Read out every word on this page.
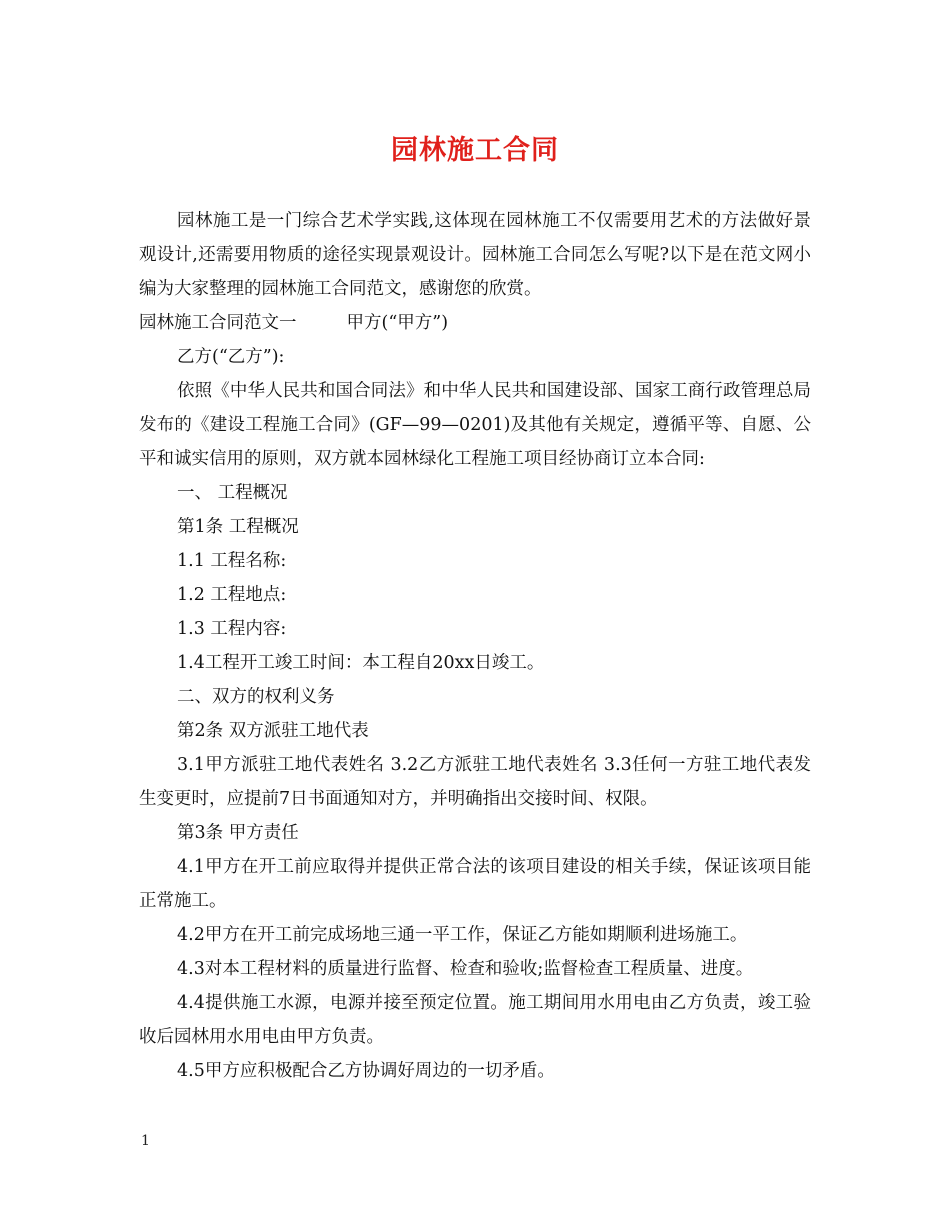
园林施工合同

园林施工是一门综合艺术学实践,这体现在园林施工不仅需要用艺术的方法做好景观设计,还需要用物质的途径实现景观设计。园林施工合同怎么写呢?以下是在范文网小编为大家整理的园林施工合同范文，感谢您的欣赏。

园林施工合同范文一	甲方(“甲方”)

乙方(“乙方”):

依照《中华人民共和国合同法》和中华人民共和国建设部、国家工商行政管理总局发布的《建设工程施工合同》(GF—99—0201)及其他有关规定，遵循平等、自愿、公平和诚实信用的原则，双方就本园林绿化工程施工项目经协商订立本合同:

一、 工程概况

第1条 工程概况

1.1 工程名称:

1.2 工程地点:

1.3 工程内容:

1.4工程开工竣工时间：本工程自20xx日竣工。

二、双方的权利义务

第2条 双方派驻工地代表

3.1甲方派驻工地代表姓名 3.2乙方派驻工地代表姓名 3.3任何一方驻工地代表发生变更时，应提前7日书面通知对方，并明确指出交接时间、权限。

第3条 甲方责任

4.1甲方在开工前应取得并提供正常合法的该项目建设的相关手续，保证该项目能正常施工。

4.2甲方在开工前完成场地三通一平工作，保证乙方能如期顺利进场施工。

4.3对本工程材料的质量进行监督、检查和验收;监督检查工程质量、进度。

4.4提供施工水源，电源并接至预定位置。施工期间用水用电由乙方负责，竣工验收后园林用水用电由甲方负责。

4.5甲方应积极配合乙方协调好周边的一切矛盾。

1
